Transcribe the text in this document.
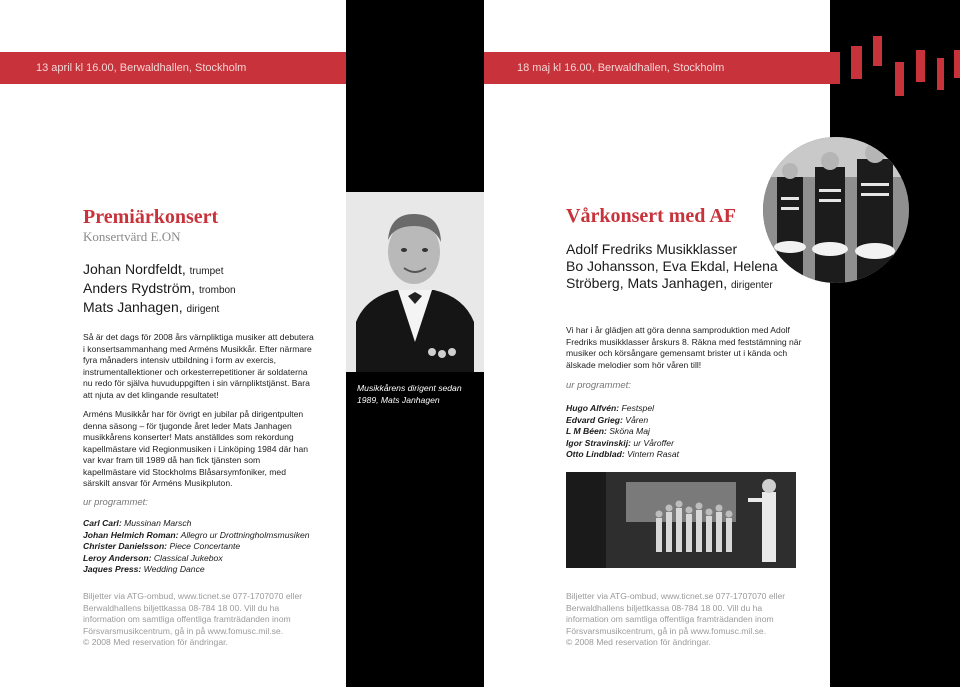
13 april kl 16.00, Berwaldhallen, Stockholm	18 maj kl 16.00, Berwaldhallen, Stockholm
Musikkårens dirigent sedan
1989, Mats Janhagen
Premiärkonsert
Konsertvärd E.ON
Johan Nordfeldt, trumpet
Anders Rydström, trombon
Mats Janhagen, dirigent

Så är det dags för 2008 års värnpliktiga musiker att debutera i konsertsammanhang med Arméns Musikkår. Efter närmare fyra månaders intensiv utbildning i form av exercis, instrumentallektioner och orkesterrepetitioner är soldaterna nu redo för själva huvuduppgiften i sin värnpliktstjänst. Bara att njuta av det klingande resultatet!

Arméns Musikkår har för övrigt en jubilar på dirigentpulten denna säsong – för tjugonde året leder Mats Janhagen musikkårens konserter! Mats anställdes som rekordung kapellmästare vid Regionmusiken i Linköping 1984 där han var kvar fram till 1989 då han fick tjänsten som kapellmästare vid Stockholms Blåsarsymfoniker, med särskilt ansvar för Arméns Musikpluton.

ur programmet:
Carl Carl: Mussinan Marsch
Johan Helmich Roman: Allegro ur Drottningholmsmusiken
Christer Danielsson: Piece Concertante
Leroy Anderson: Classical Jukebox
Jaques Press: Wedding Dance
Biljetter via ATG-ombud, www.ticnet.se 077-1707070 eller
Berwaldhallens biljettkassa 08-784 18 00. Vill du ha
information om samtliga offentliga framträdanden inom
Försvarsmusikcentrum, gå in på www.fomusc.mil.se.
© 2008 Med reservation för ändringar.
Vårkonsert med AF
Adolf Fredriks Musikklasser
Bo Johansson, Eva Ekdal, Helena
Ströberg, Mats Janhagen, dirigenter
Vi har i år glädjen att göra denna samproduktion med Adolf Fredriks musikklasser årskurs 8. Räkna med feststämning när musiker och körsångare gemensamt brister ut i kända och älskade melodier som hör våren till!
ur programmet:
Hugo Alfvén: Festspel
Edvard Grieg: Våren
L M Béen: Sköna Maj
Igor Stravinskij: ur Våroffer
Otto Lindblad: Vintern Rasat
Biljetter via ATG-ombud, www.ticnet.se 077-1707070 eller
Berwaldhallens biljettkassa 08-784 18 00. Vill du ha
information om samtliga offentliga framträdanden inom
Försvarsmusikcentrum, gå in på www.fomusc.mil.se.
© 2008 Med reservation för ändringar.
